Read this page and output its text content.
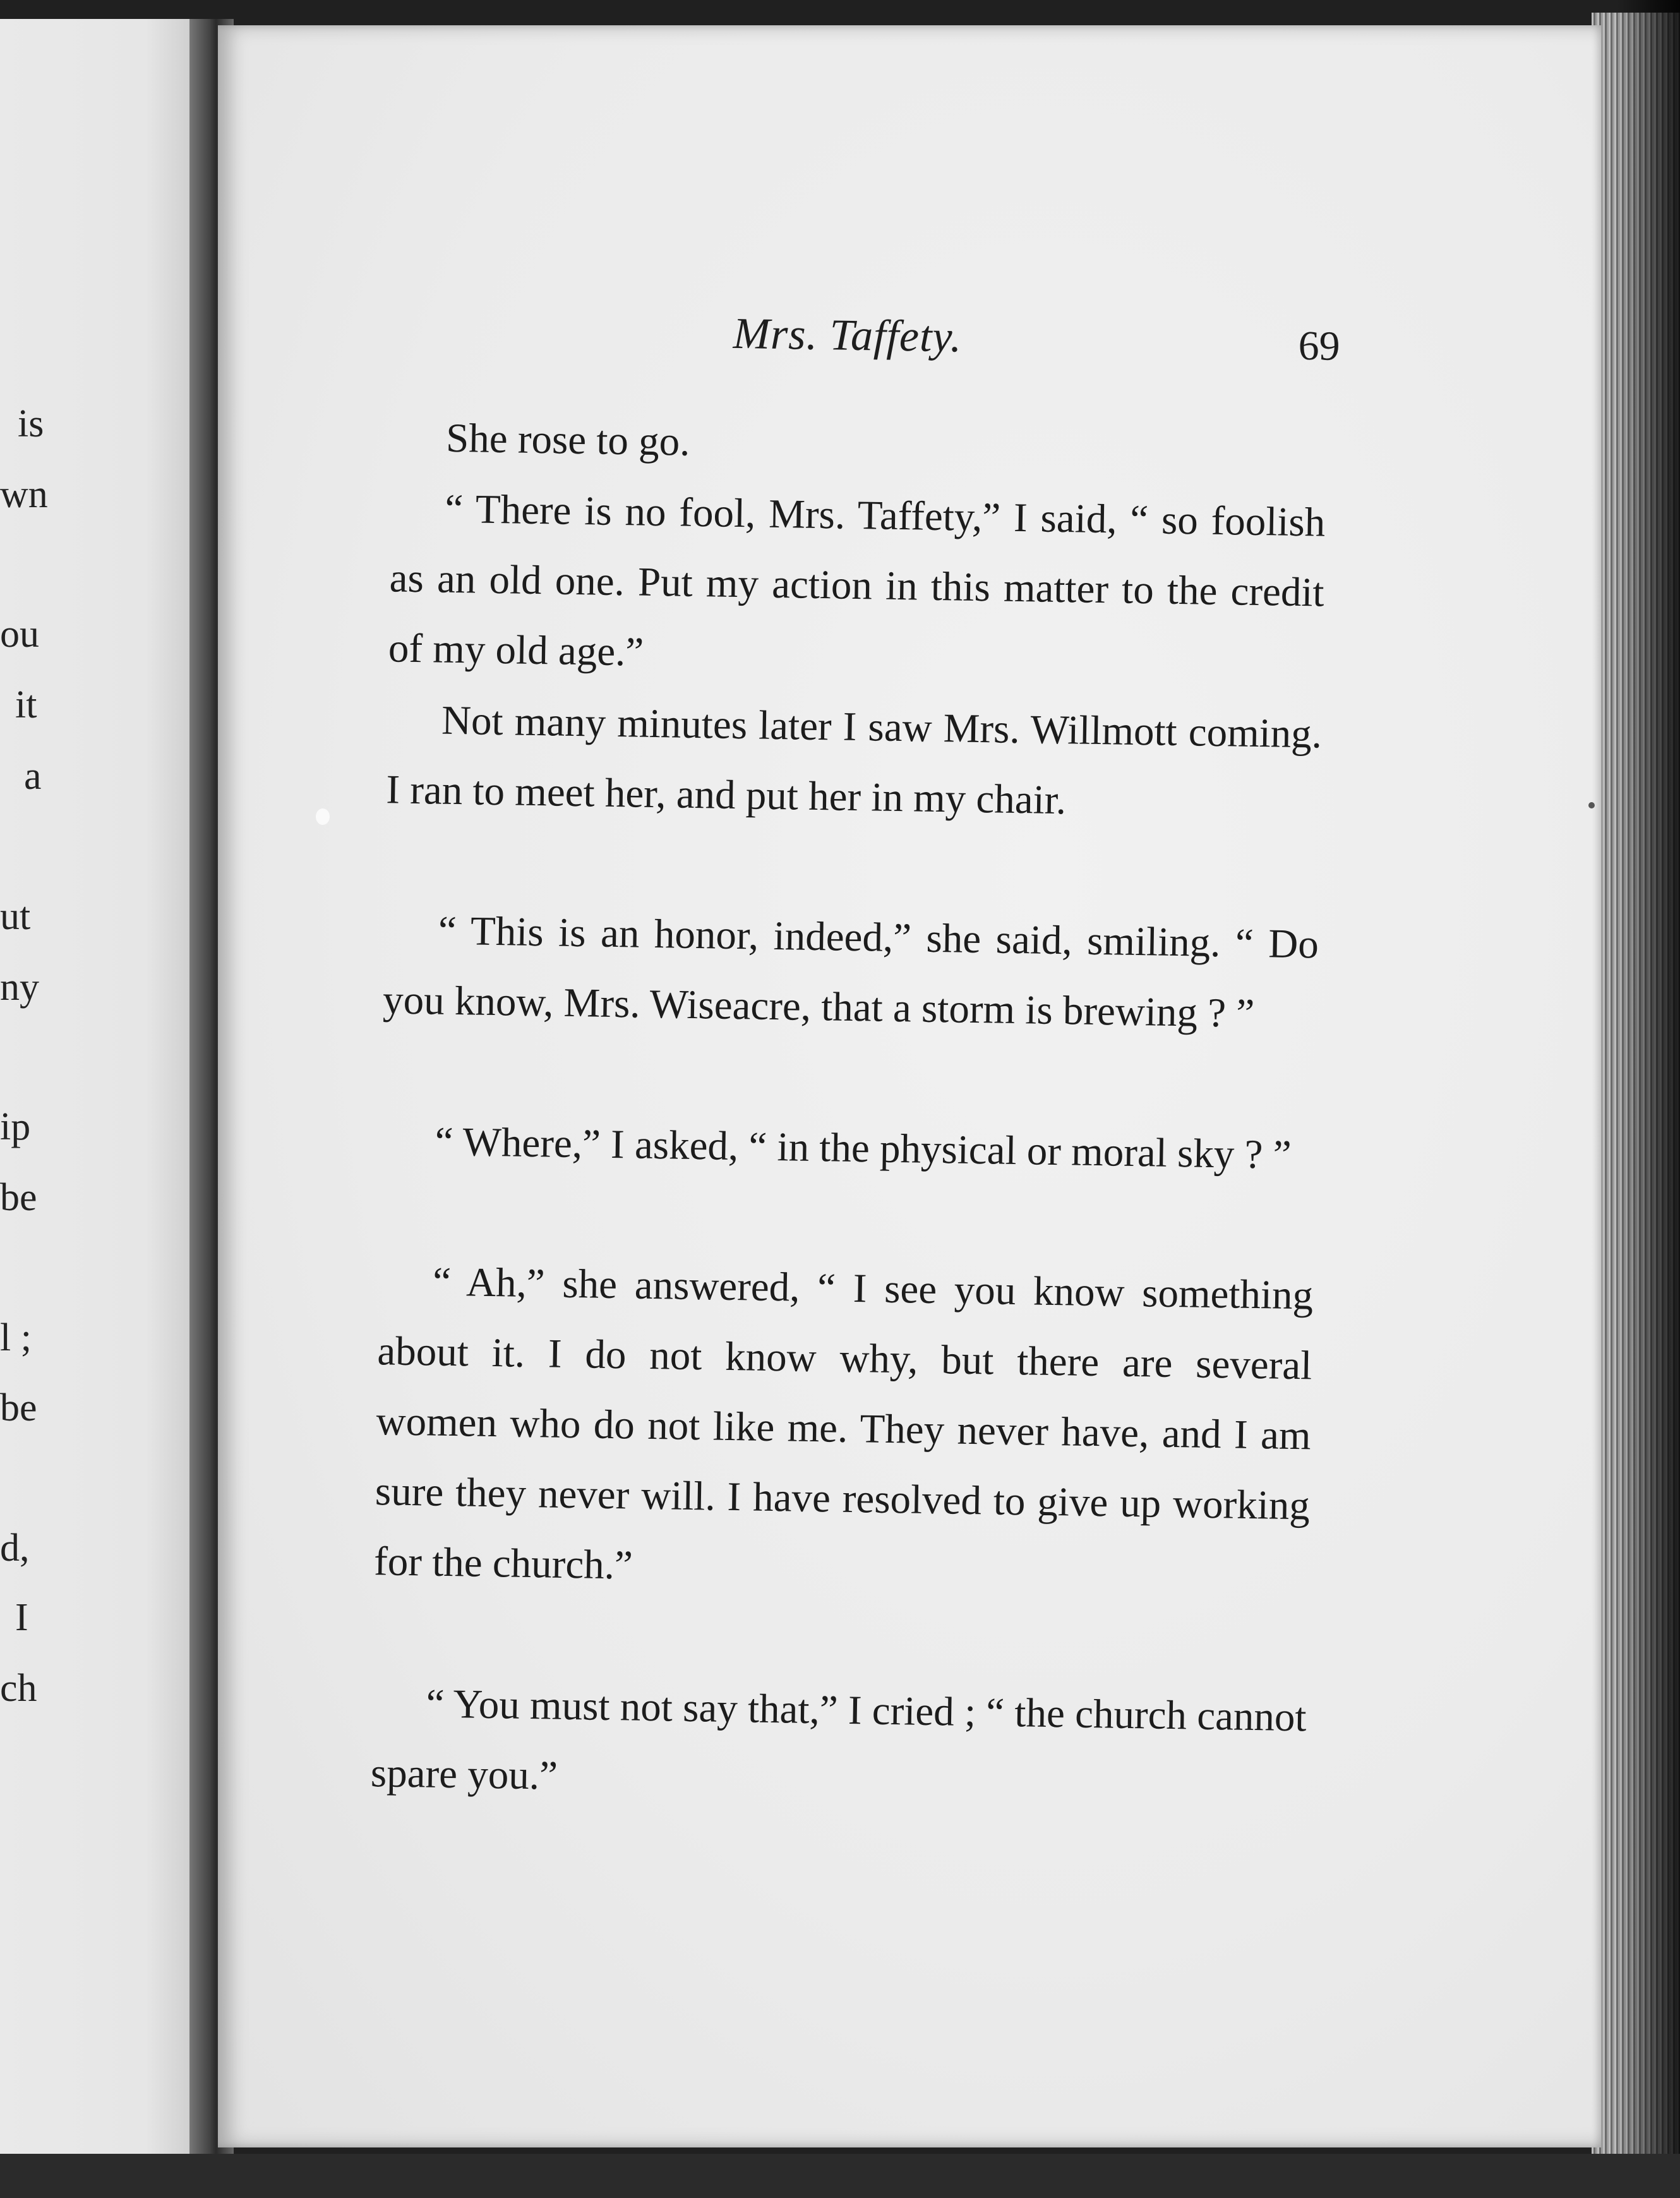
is
wn
ou
it
a
ut
ny
ip
be
l ;
be
d,
I
ch
Mrs. Taffety.	69

She rose to go.

“ There is no fool, Mrs. Taffety,” I said, “ so foolish as an old one. Put my action in this matter to the credit of my old age.”

Not many minutes later I saw Mrs. Willmott coming. I ran to meet her, and put her in my chair.

“ This is an honor, indeed,” she said, smiling. “ Do you know, Mrs. Wiseacre, that a storm is brewing ? ”

“ Where,” I asked, “ in the physical or moral sky ? ”

“ Ah,” she answered, “ I see you know something about it. I do not know why, but there are several women who do not like me. They never have, and I am sure they never will. I have resolved to give up working for the church.”

“ You must not say that,” I cried ; “ the church cannot spare you.”
